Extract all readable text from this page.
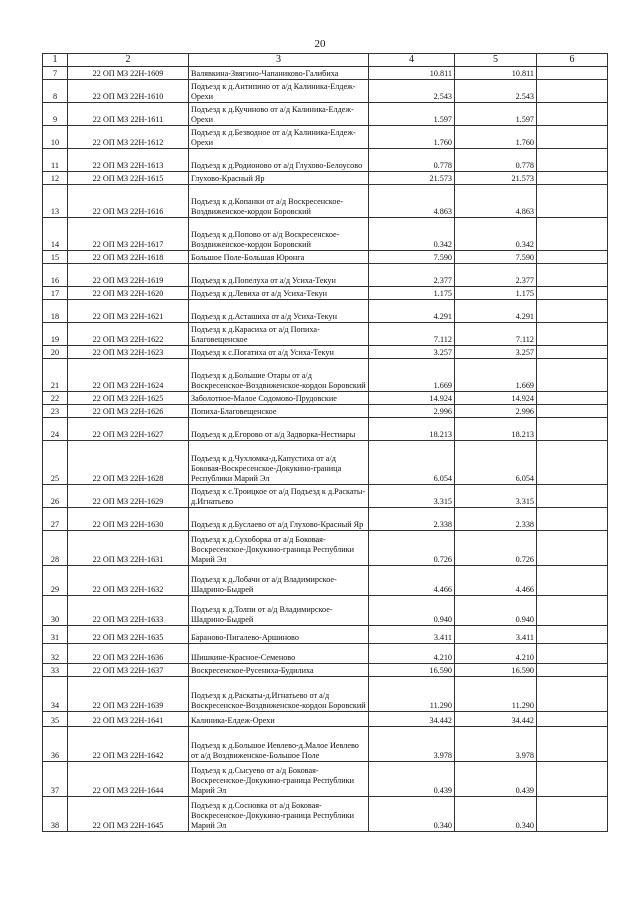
20
1	2	3	4	5	6
7	22 ОП МЗ 22Н-1609	Валявкина-Звягино-Чапаниково-Галибиха	10.811	10.811	
8	22 ОП МЗ 22Н-1610	Подъезд к д.Антипино от а/д Калиника-Елдеж-Орехи	2.543	2.543	
9	22 ОП МЗ 22Н-1611	Подъезд к д.Кучиново от а/д Калиника-Елдеж-Орехи	1.597	1.597	
10	22 ОП МЗ 22Н-1612	Подъезд к д.Безводное от а/д Калиника-Елдеж-Орехи	1.760	1.760	
11	22 ОП МЗ 22Н-1613	Подъезд к д.Родионово от а/д Глухово-Белоусово	0.778	0.778	
12	22 ОП МЗ 22Н-1615	Глухово-Красный Яр	21.573	21.573	
13	22 ОП МЗ 22Н-1616	Подъезд к д.Копанки от а/д Воскресенское-Воздвиженское-кордон Боровский	4.863	4.863	
14	22 ОП МЗ 22Н-1617	Подъезд к д.Попово от а/д Воскресенское-Воздвиженское-кордон Боровский	0.342	0.342	
15	22 ОП МЗ 22Н-1618	Большое Поле-Большая Юронга	7.590	7.590	
16	22 ОП МЗ 22Н-1619	Подъезд к д.Попелуха от а/д Усиха-Текун	2.377	2.377	
17	22 ОП МЗ 22Н-1620	Подъезд к д.Левиха от а/д Усиха-Текун	1.175	1.175	
18	22 ОП МЗ 22Н-1621	Подъезд к д.Асташиха от а/д Усиха-Текун	4.291	4.291	
19	22 ОП МЗ 22Н-1622	Подъезд к д.Карасиха от а/д Попиха-Благовещенское	7.112	7.112	
20	22 ОП МЗ 22Н-1623	Подъезд к с.Погатиха от а/д Усиха-Текун	3.257	3.257	
21	22 ОП МЗ 22Н-1624	Подъезд к д.Большие Отары от а/д Воскресенское-Воздвиженское-кордон Боровский	1.669	1.669	
22	22 ОП МЗ 22Н-1625	Заболотное-Малое Содомово-Прудовские	14.924	14.924	
23	22 ОП МЗ 22Н-1626	Попиха-Благовещенское	2.996	2.996	
24	22 ОП МЗ 22Н-1627	Подъезд к д.Егорово от а/д Задворка-Нестиары	18.213	18.213	
25	22 ОП МЗ 22Н-1628	Подъезд к д.Чухломка-д.Капустиха от а/д Боковая-Воскресенское-Докукино-граница Республики Марий Эл	6.054	6.054	
26	22 ОП МЗ 22Н-1629	Подъезд к с.Троицкое от а/д Подъезд к д.Раскаты-д.Игнатьево	3.315	3.315	
27	22 ОП МЗ 22Н-1630	Подъезд к д.Буслаево от а/д Глухово-Красный Яр	2.338	2.338	
28	22 ОП МЗ 22Н-1631	Подъезд к д.Сухоборка от а/д Боковая-Воскресенское-Докукино-граница Республики Марий Эл	0.726	0.726	
29	22 ОП МЗ 22Н-1632	Подъезд к д.Лобачи от а/д Владимирское-Шадрино-Быдрей	4.466	4.466	
30	22 ОП МЗ 22Н-1633	Подъезд к д.Толпи от а/д Владимирское-Шадрино-Быдрей	0.940	0.940	
31	22 ОП МЗ 22Н-1635	Бараново-Пигалево-Аршиново	3.411	3.411	
32	22 ОП МЗ 22Н-1636	Шишкине-Красное-Семеново	4.210	4.210	
33	22 ОП МЗ 22Н-1637	Воскресенское-Русениха-Будилиха	16.590	16.590	
34	22 ОП МЗ 22Н-1639	Подъезд к д.Раскаты-д.Игнатьево от а/д Воскресенское-Воздвиженское-кордон Боровский	11.290	11.290	
35	22 ОП МЗ 22Н-1641	Калиника-Елдеж-Орехи	34.442	34.442	
36	22 ОП МЗ 22Н-1642	Подъезд к д.Большое Иевлево-д.Малое Иевлево от а/д Воздвиженское-Большое Поле	3.978	3.978	
37	22 ОП МЗ 22Н-1644	Подъезд к д.Сысуево от а/д Боковая-Воскресенское-Докукино-граница Республики Марий Эл	0.439	0.439	
38	22 ОП МЗ 22Н-1645	Подъезд к д.Сосновка от а/д Боковая-Воскресенское-Докукино-граница Республики Марий Эл	0.340	0.340	
